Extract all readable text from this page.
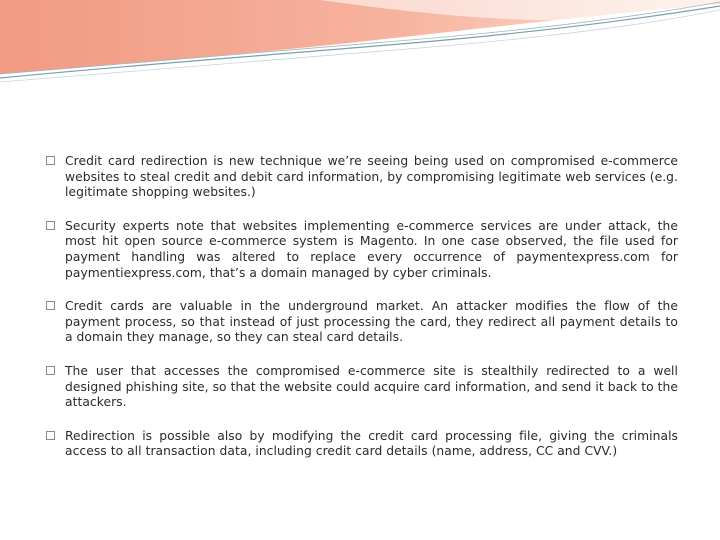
Credit card redirection is new technique we’re seeing being used on compromised e-commerce websites to steal credit and debit card information, by compromising legitimate web services (e.g. legitimate shopping websites.)
Security experts note that websites implementing e-commerce services are under attack, the most hit open source e-commerce system is Magento. In one case observed, the file used for payment handling was altered to replace every occurrence of paymentexpress.com for paymentiexpress.com, that’s a domain managed by cyber criminals.
Credit cards are valuable in the underground market. An attacker modifies the flow of the payment process, so that instead of just processing the card, they redirect all payment details to a domain they manage, so they can steal card details.
The user that accesses the compromised e-commerce site is stealthily redirected to a well designed phishing site, so that the website could acquire card information, and send it back to the attackers.
Redirection is possible also by modifying the credit card processing file, giving the criminals access to all transaction data, including credit card details (name, address, CC and CVV.)
